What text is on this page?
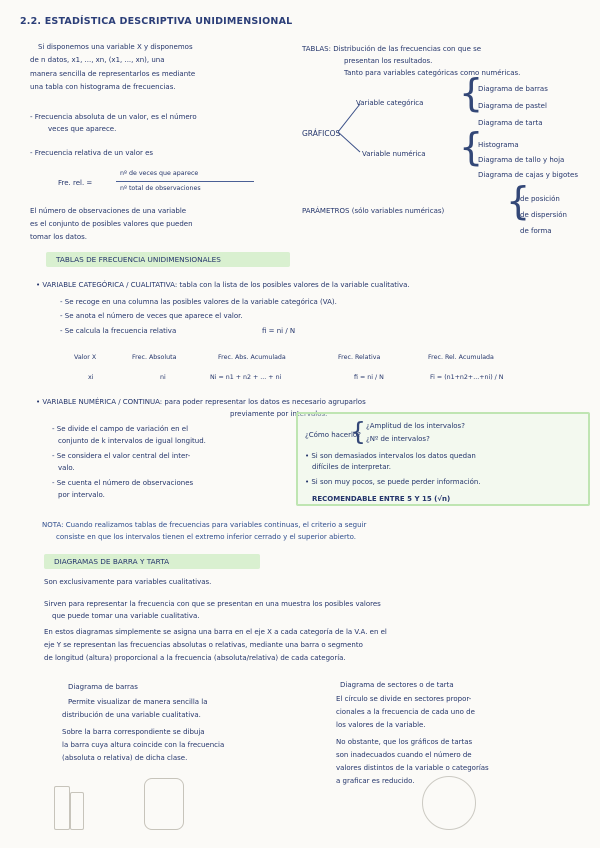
2.2. ESTADÍSTICA DESCRIPTIVA UNIDIMENSIONAL
Si disponemos una variable X y disponemos
de n datos, x1, ..., xn, (x1, ..., xn), una
manera sencilla de representarlos es mediante
una tabla con histograma de frecuencias.
- Frecuencia absoluta de un valor, es el número
veces que aparece.
- Frecuencia relativa de un valor es
Fre. rel. =
nº de veces que aparece
nº total de observaciones
El número de observaciones de una variable
es el conjunto de posibles valores que pueden
tomar los datos.
TABLAS: Distribución de las frecuencias con que se
presentan los resultados.
Tanto para variables categóricas como numéricas.
GRÁFICOS
Variable categórica
Variable numérica
{
Diagrama de barras
Diagrama de pastel
Diagrama de tarta
{
Histograma
Diagrama de tallo y hoja
Diagrama de cajas y bigotes
PARÁMETROS (sólo variables numéricas) {
de posición
de dispersión
de forma
TABLAS DE FRECUENCIA UNIDIMENSIONALES
• VARIABLE CATEGÓRICA / CUALITATIVA: tabla con la lista de los posibles valores de la variable cualitativa.
- Se recoge en una columna las posibles valores de la variable categórica (VA).
- Se anota el número de veces que aparece el valor.
- Se calcula la frecuencia relativa	fi = ni / N
Valor X	Frec. Absoluta	Frec. Abs. Acumulada	Frec. Relativa	Frec. Rel. Acumulada
xi	ni	Ni = n1 + n2 + ... + ni	fi = ni / N	Fi = (n1+n2+...+ni) / N
• VARIABLE NUMÉRICA / CONTINUA: para poder representar los datos es necesario agruparlos
previamente por intervalos.
- Se divide el campo de variación en el
conjunto de k intervalos de igual longitud.
- Se considera el valor central del inter-
valo.
- Se cuenta el número de observaciones
por intervalo.
¿Cómo hacerlo?
{ ¿Amplitud de los intervalos?
¿Nº de intervalos?
• Si son demasiados intervalos los datos quedan
difíciles de interpretar.
• Si son muy pocos, se puede perder información.
RECOMENDABLE ENTRE 5 Y 15 (√n)
NOTA: Cuando realizamos tablas de frecuencias para variables continuas, el criterio a seguir
consiste en que los intervalos tienen el extremo inferior cerrado y el superior abierto.
DIAGRAMAS DE BARRA Y TARTA
Son exclusivamente para variables cualitativas.
Sirven para representar la frecuencia con que se presentan en una muestra los posibles valores
que puede tomar una variable cualitativa.
En estos diagramas simplemente se asigna una barra en el eje X a cada categoría de la V.A. en el
eje Y se representan las frecuencias absolutas o relativas, mediante una barra o segmento
de longitud (altura) proporcional a la frecuencia (absoluta/relativa) de cada categoría.
Diagrama de barras
Permite visualizar de manera sencilla la
distribución de una variable cualitativa.
Sobre la barra correspondiente se dibuja
la barra cuya altura coincide con la frecuencia
(absoluta o relativa) de dicha clase.
Diagrama de sectores o de tarta
El círculo se divide en sectores propor-
cionales a la frecuencia de cada uno de
los valores de la variable.
No obstante, que los gráficos de tartas
son inadecuados cuando el número de
valores distintos de la variable o categorías
a graficar es reducido.
